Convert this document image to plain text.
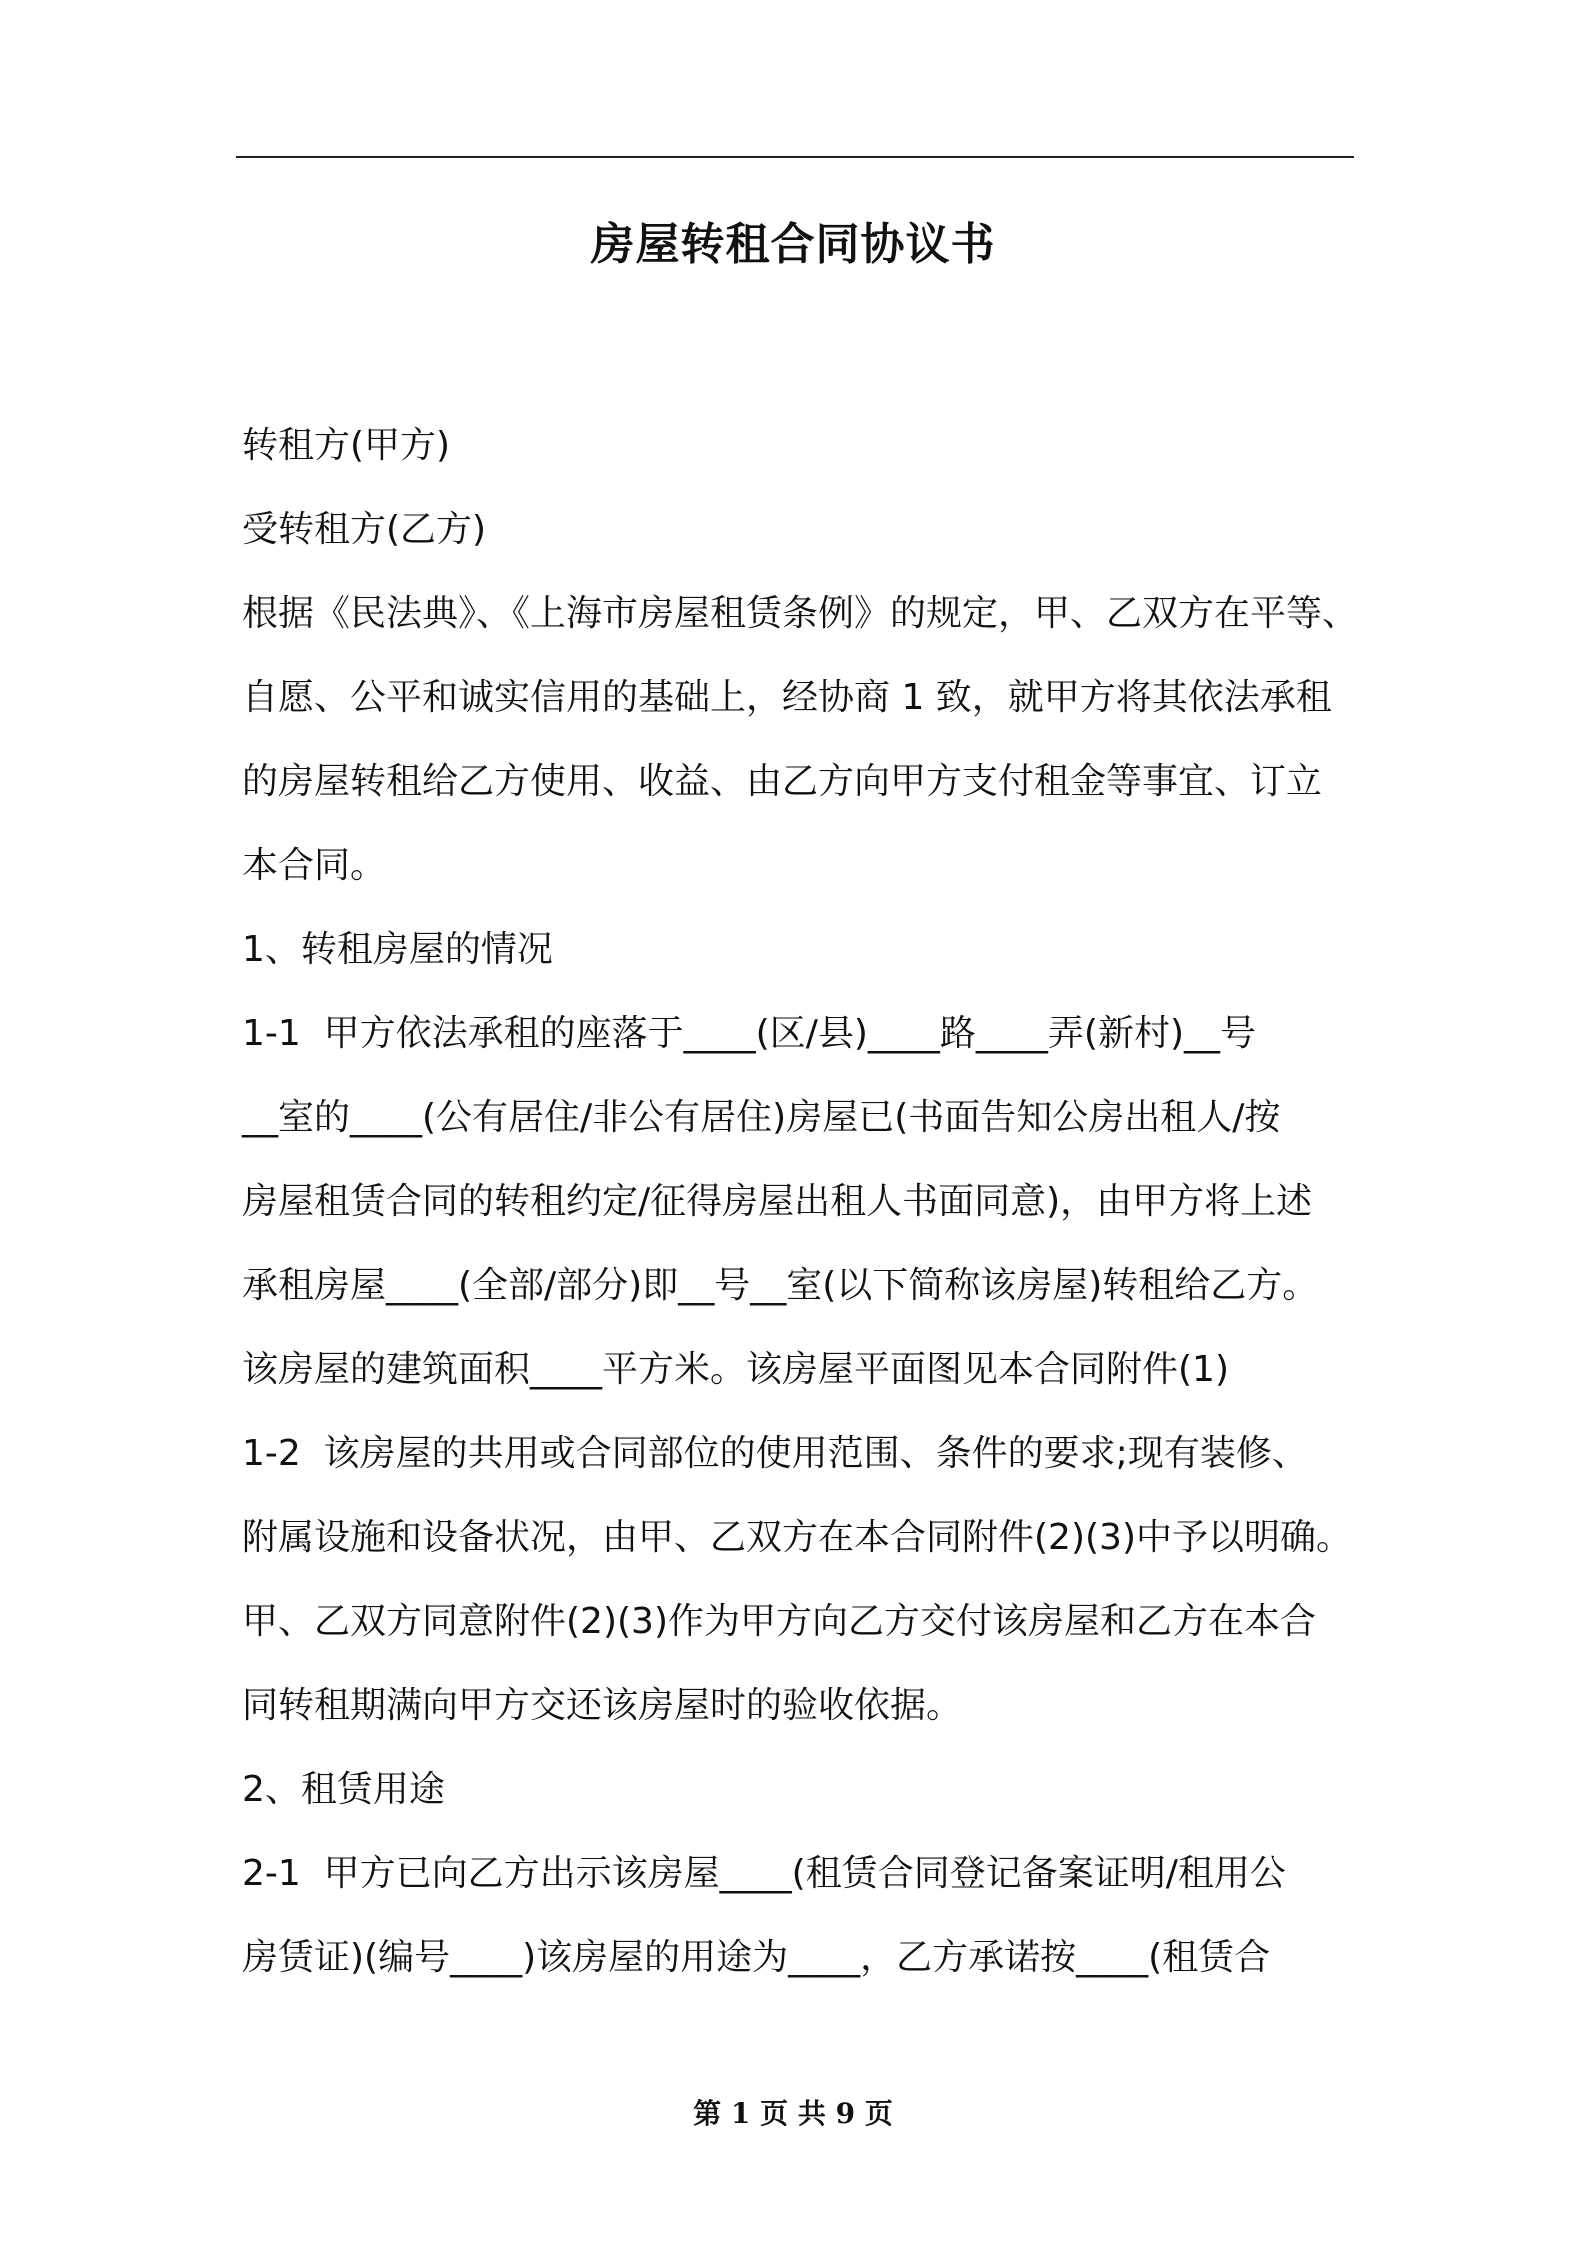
房屋转租合同协议书
转租方(甲方)
受转租方(乙方)
根据《民法典》、《上海市房屋租赁条例》的规定，甲、乙双方在平等、
自愿、公平和诚实信用的基础上，经协商 1 致，就甲方将其依法承租
的房屋转租给乙方使用、收益、由乙方向甲方支付租金等事宜、订立
本合同。
1、转租房屋的情况
1-1  甲方依法承租的座落于____(区/县)____路____弄(新村)__号
__室的____(公有居住/非公有居住)房屋已(书面告知公房出租人/按
房屋租赁合同的转租约定/征得房屋出租人书面同意)，由甲方将上述
承租房屋____(全部/部分)即__号__室(以下简称该房屋)转租给乙方。
该房屋的建筑面积____平方米。该房屋平面图见本合同附件(1)
1-2  该房屋的共用或合同部位的使用范围、条件的要求;现有装修、
附属设施和设备状况，由甲、乙双方在本合同附件(2)(3)中予以明确。
甲、乙双方同意附件(2)(3)作为甲方向乙方交付该房屋和乙方在本合
同转租期满向甲方交还该房屋时的验收依据。
2、租赁用途
2-1  甲方已向乙方出示该房屋____(租赁合同登记备案证明/租用公
房赁证)(编号____)该房屋的用途为____，乙方承诺按____(租赁合
第 1 页 共 9 页
